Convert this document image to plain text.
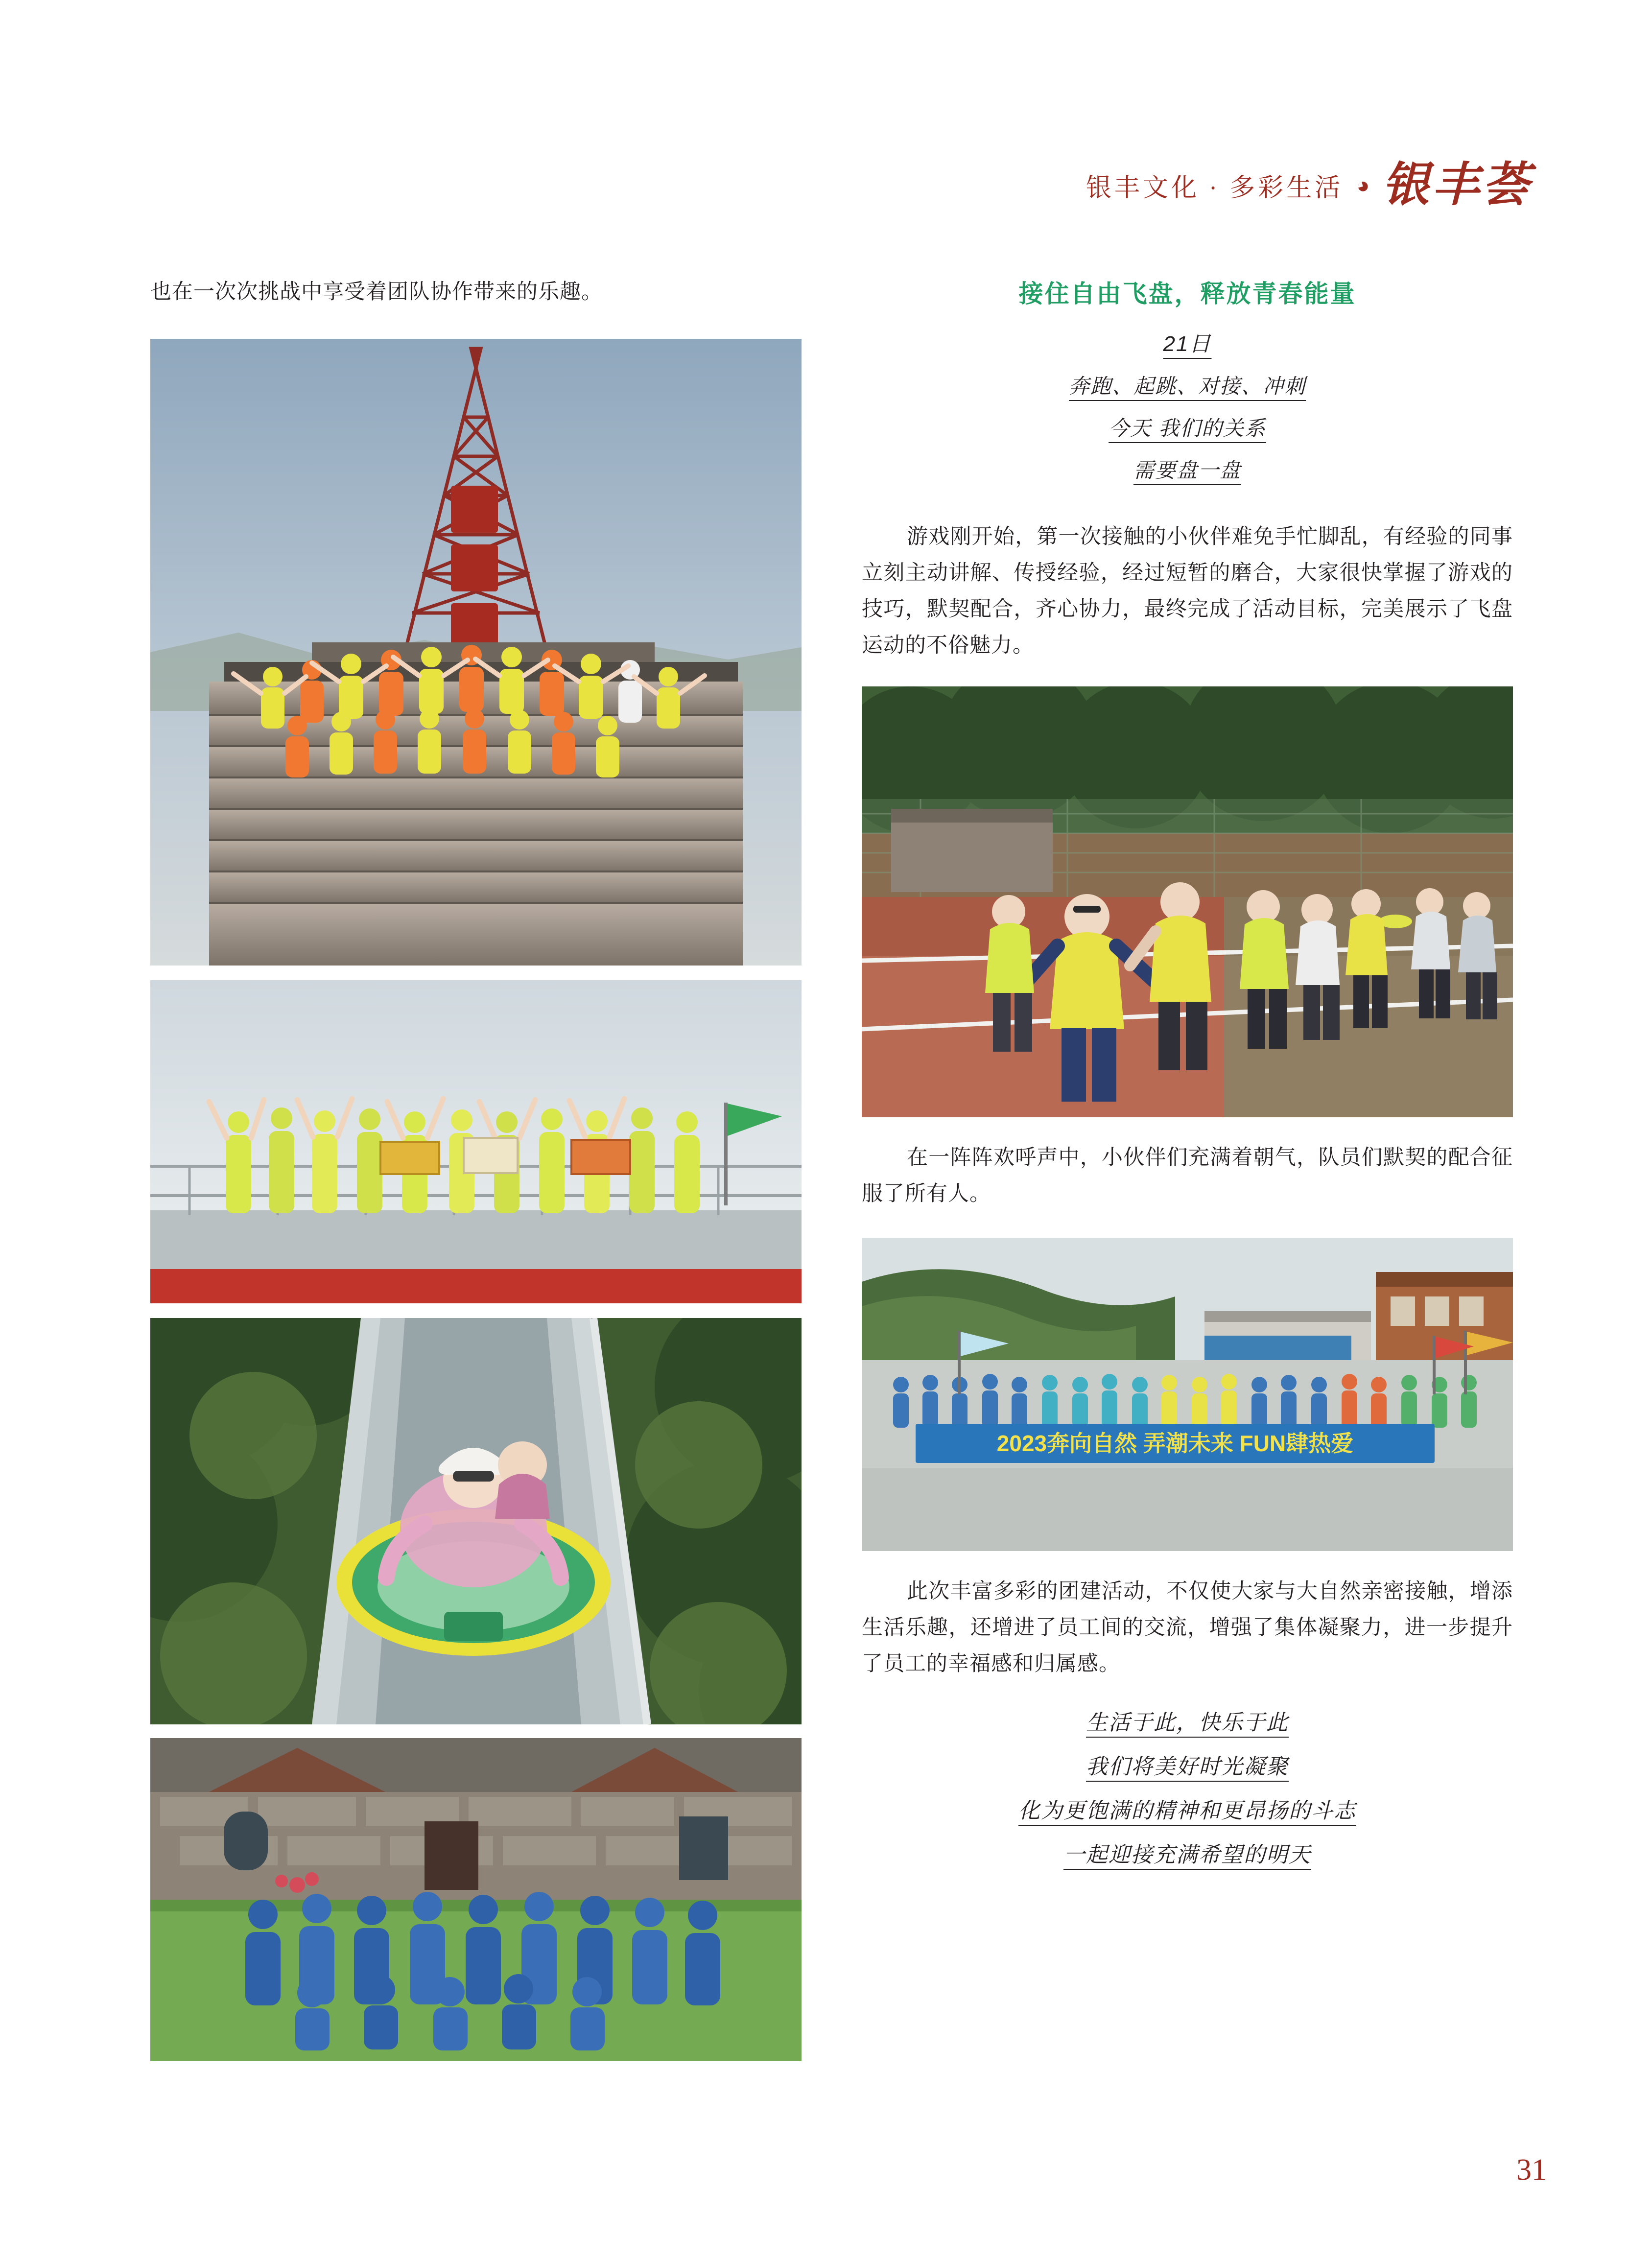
银丰文化 · 多彩生活 ◕ 银丰荟
也在一次次挑战中享受着团队协作带来的乐趣。	接住自由飞盘，释放青春能量
21日
奔跑、起跳、对接、冲刺
今天 我们的关系
需要盘一盘
游戏刚开始，第一次接触的小伙伴难免手忙脚乱，有经验的同事立刻主动讲解、传授经验，经过短暂的磨合，大家很快掌握了游戏的技巧，默契配合，齐心协力，最终完成了活动目标，完美展示了飞盘运动的不俗魅力。
在一阵阵欢呼声中，小伙伴们充满着朝气，队员们默契的配合征服了所有人。
2023奔向自然 弄潮未来 FUN肆热爱
此次丰富多彩的团建活动，不仅使大家与大自然亲密接触，增添生活乐趣，还增进了员工间的交流，增强了集体凝聚力，进一步提升了员工的幸福感和归属感。
生活于此，快乐于此
我们将美好时光凝聚
化为更饱满的精神和更昂扬的斗志
一起迎接充满希望的明天
31
